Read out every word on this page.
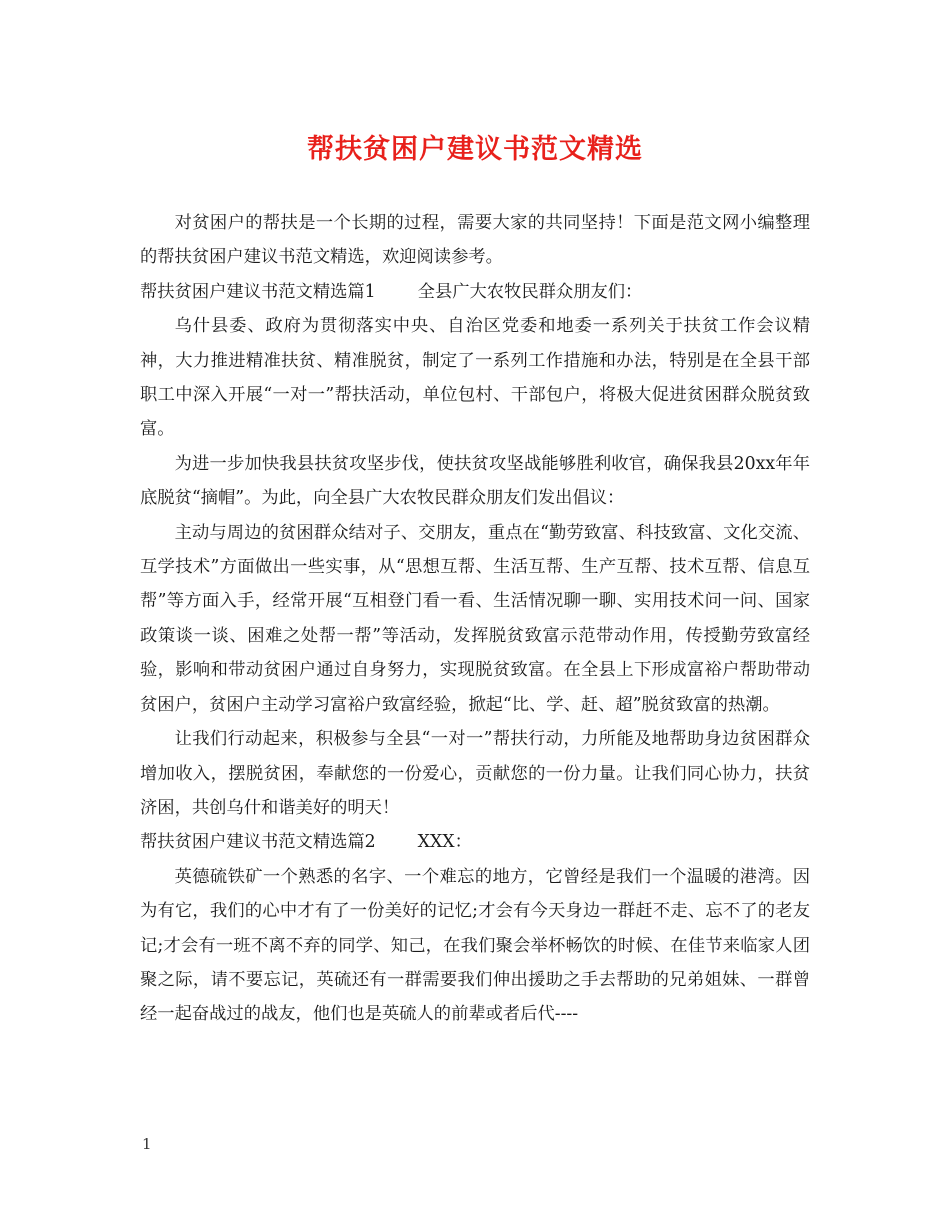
帮扶贫困户建议书范文精选

对贫困户的帮扶是一个长期的过程，需要大家的共同坚持！下面是范文网小编整理的帮扶贫困户建议书范文精选，欢迎阅读参考。

帮扶贫困户建议书范文精选篇1 全县广大农牧民群众朋友们：

乌什县委、政府为贯彻落实中央、自治区党委和地委一系列关于扶贫工作会议精神，大力推进精准扶贫、精准脱贫，制定了一系列工作措施和办法，特别是在全县干部职工中深入开展“一对一”帮扶活动，单位包村、干部包户，将极大促进贫困群众脱贫致富。

为进一步加快我县扶贫攻坚步伐，使扶贫攻坚战能够胜利收官，确保我县20xx年年底脱贫“摘帽”。为此，向全县广大农牧民群众朋友们发出倡议：

主动与周边的贫困群众结对子、交朋友，重点在“勤劳致富、科技致富、文化交流、互学技术”方面做出一些实事，从“思想互帮、生活互帮、生产互帮、技术互帮、信息互帮”等方面入手，经常开展“互相登门看一看、生活情况聊一聊、实用技术问一问、国家政策谈一谈、困难之处帮一帮”等活动，发挥脱贫致富示范带动作用，传授勤劳致富经验，影响和带动贫困户通过自身努力，实现脱贫致富。在全县上下形成富裕户帮助带动贫困户，贫困户主动学习富裕户致富经验，掀起“比、学、赶、超”脱贫致富的热潮。

让我们行动起来，积极参与全县“一对一”帮扶行动，力所能及地帮助身边贫困群众增加收入，摆脱贫困，奉献您的一份爱心，贡献您的一份力量。让我们同心协力，扶贫济困，共创乌什和谐美好的明天！

帮扶贫困户建议书范文精选篇2 XXX：

英德硫铁矿一个熟悉的名字、一个难忘的地方，它曾经是我们一个温暖的港湾。因为有它，我们的心中才有了一份美好的记忆;才会有今天身边一群赶不走、忘不了的老友记;才会有一班不离不弃的同学、知己，在我们聚会举杯畅饮的时候、在佳节来临家人团聚之际，请不要忘记，英硫还有一群需要我们伸出援助之手去帮助的兄弟姐妹、一群曾经一起奋战过的战友，他们也是英硫人的前辈或者后代----

1
